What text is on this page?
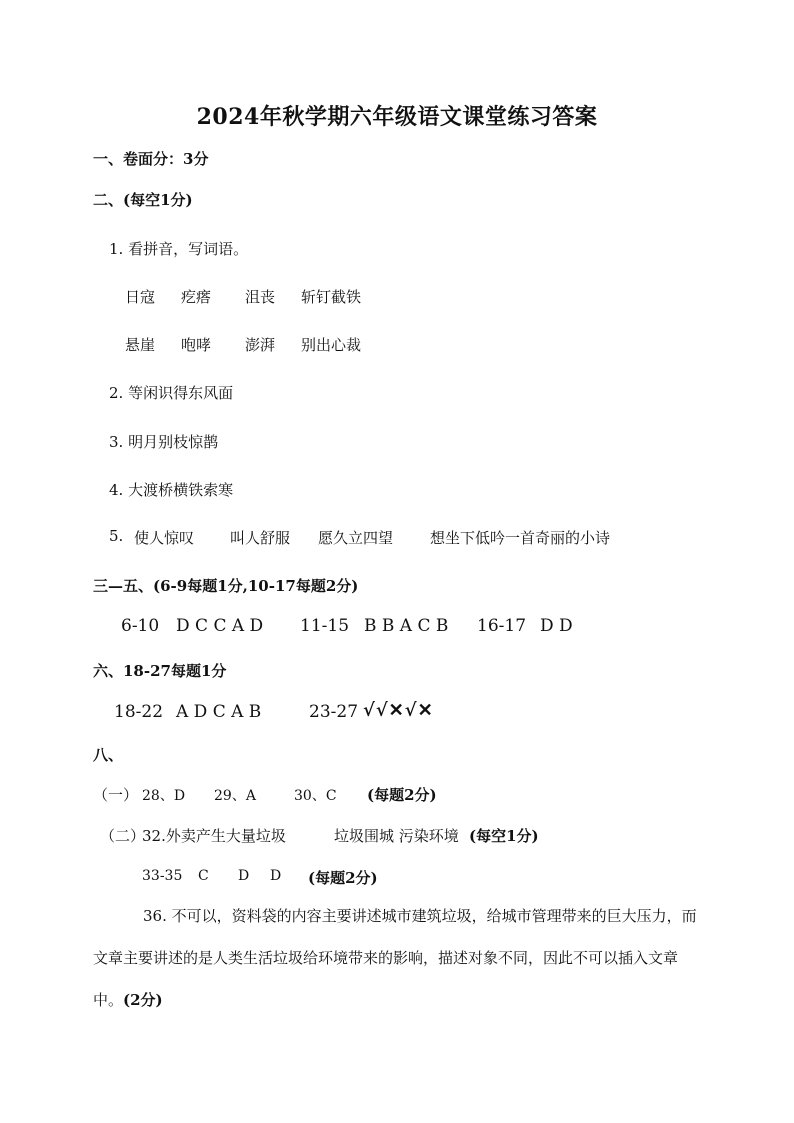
2024年秋学期六年级语文课堂练习答案
一、卷面分：3分
二、(每空1分)
1. 看拼音，写词语。
日寇 疙瘩 沮丧 斩钉截铁
悬崖 咆哮 澎湃 别出心裁
2. 等闲识得东风面
3. 明月别枝惊鹊
4. 大渡桥横铁索寒
5. 使人惊叹 叫人舒服 愿久立四望 想坐下低吟一首奇丽的小诗
三—五、(6-9每题1分,10-17每题2分)
6-10 D C C A D 11-15 B B A C B 16-17 D D
六、18-27每题1分
18-22 A D C A B	23-27 √√✕√✕
八、
（一） 28、D 29、A	30、C (每题2分)
（二）
32.外卖产生大量垃圾	垃圾围城 污染环境 (每空1分)
33-35 C D D (每题2分)
36. 不可以，资料袋的内容主要讲述城市建筑垃圾，给城市管理带来的巨大压力，而文章主要讲述的是人类生活垃圾给环境带来的影响，描述对象不同，因此不可以插入文章中。(2分)
